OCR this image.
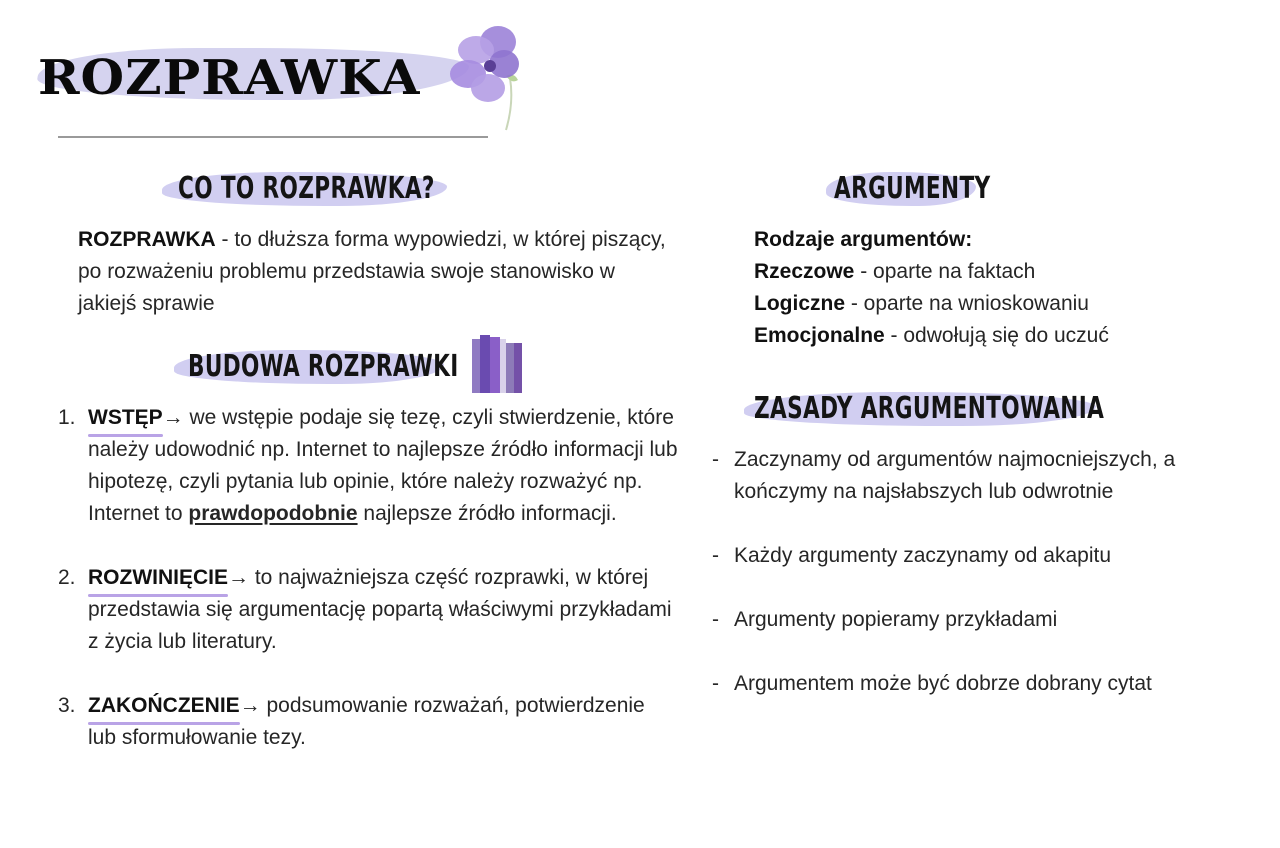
ROZPRAWKA
CO TO ROZPRAWKA?
ROZPRAWKA - to dłuższa forma wypowiedzi, w której piszący, po rozważeniu problemu przedstawia swoje stanowisko w jakiejś sprawie
BUDOWA ROZPRAWKI
1. WSTĘP→ we wstępie podaje się tezę, czyli stwierdzenie, które należy udowodnić np. Internet to najlepsze źródło informacji lub hipotezę, czyli pytania lub opinie, które należy rozważyć np. Internet to prawdopodobnie najlepsze źródło informacji.
2. ROZWINIĘCIE→ to najważniejsza część rozprawki, w której przedstawia się argumentację popartą właściwymi przykładami z życia lub literatury.
3. ZAKOŃCZENIE→ podsumowanie rozważań, potwierdzenie lub sformułowanie tezy.
ARGUMENTY
Rodzaje argumentów:
Rzeczowe - oparte na faktach
Logiczne - oparte na wnioskowaniu
Emocjonalne - odwołują się do uczuć
ZASADY ARGUMENTOWANIA
- Zaczynamy od argumentów najmocniejszych, a kończymy na najsłabszych lub odwrotnie
- Każdy argumenty zaczynamy od akapitu
- Argumenty popieramy przykładami
- Argumentem może być dobrze dobrany cytat
